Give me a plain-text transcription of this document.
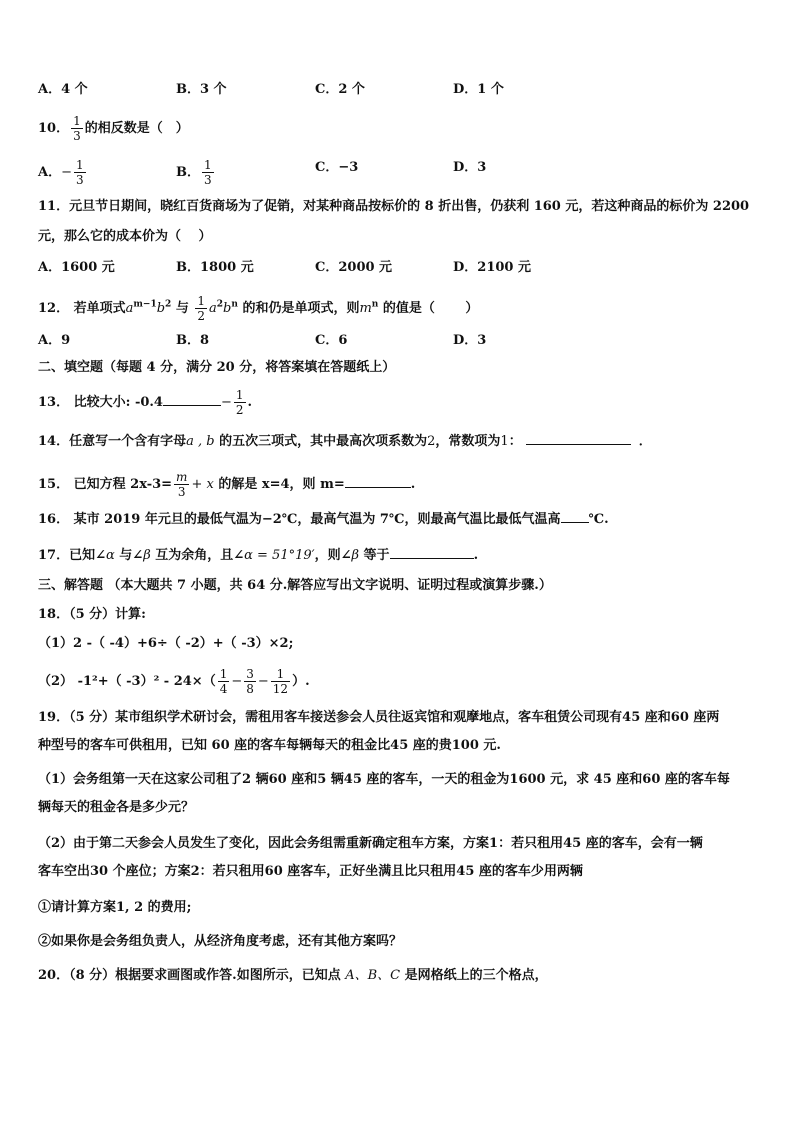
A．4 个	B．3 个	C．2 个	D．1 个
10． $\frac{1}{3}$ 的相反数是（　）
A．− $\frac{1}{3}$	B． $\frac{1}{3}$	C．−3	D．3
11．元旦节日期间，晓红百货商场为了促销，对某种商品按标价的 8 折出售，仍获利 160 元，若这种商品的标价为 2200
元，那么它的成本价为（　 ）
A．1600 元	B．1800 元	C．2000 元	D．2100 元
12． 若单项式$a^{m-1}b^2$ 与 $\frac{1}{2} a^2b^n$ 的和仍是单项式，则$m^n$ 的值是（　　 ）
A．9	B．8	C．6	D．3
二、填空题（每题 4 分，满分 20 分，将答案填在答题纸上）
13． 比较大小: -0.4	− $\frac{1}{2}$ .
14．任意写一个含有字母a , b 的五次三项式，其中最高次项系数为2，常数项为1：	．
15． 已知方程 $2x-3= \frac{m}{3} + x$ 的解是 x=4，则 m=	.
16． 某市 2019 年元旦的最低气温为−2℃，最高气温为 7℃，则最高气温比最低气温高 ℃.
17．已知∠α 与∠β 互为余角，且∠α = 51°19′，则∠β 等于	.
三、解答题 （本大题共 7 小题，共 64 分.解答应写出文字说明、证明过程或演算步骤.）
18．（5 分）计算:
（1）2 -（ -4）+6÷（ -2）+（ -3）×2;
（2） -1²+（ $-3)^2 - 24\times( \frac{1}{4} - \frac{3}{8} - \frac{1}{12}$ ）.
19．（5 分）某市组织学术研讨会，需租用客车接送参会人员往返宾馆和观摩地点，客车租赁公司现有45 座和60 座两
种型号的客车可供租用，已知 60 座的客车每辆每天的租金比45 座的贵100 元.
（1）会务组第一天在这家公司租了2 辆60 座和5 辆45 座的客车，一天的租金为1600 元，求 45 座和60 座的客车每
辆每天的租金各是多少元？
（2）由于第二天参会人员发生了变化，因此会务组需重新确定租车方案，方案1：若只租用45 座的客车，会有一辆
客车空出30 个座位；方案2：若只租用60 座客车，正好坐满且比只租用45 座的客车少用两辆
①请计算方案1, 2 的费用;
②如果你是会务组负责人，从经济角度考虑，还有其他方案吗？
20．（8 分）根据要求画图或作答.如图所示，已知点 A、B、C 是网格纸上的三个格点，
